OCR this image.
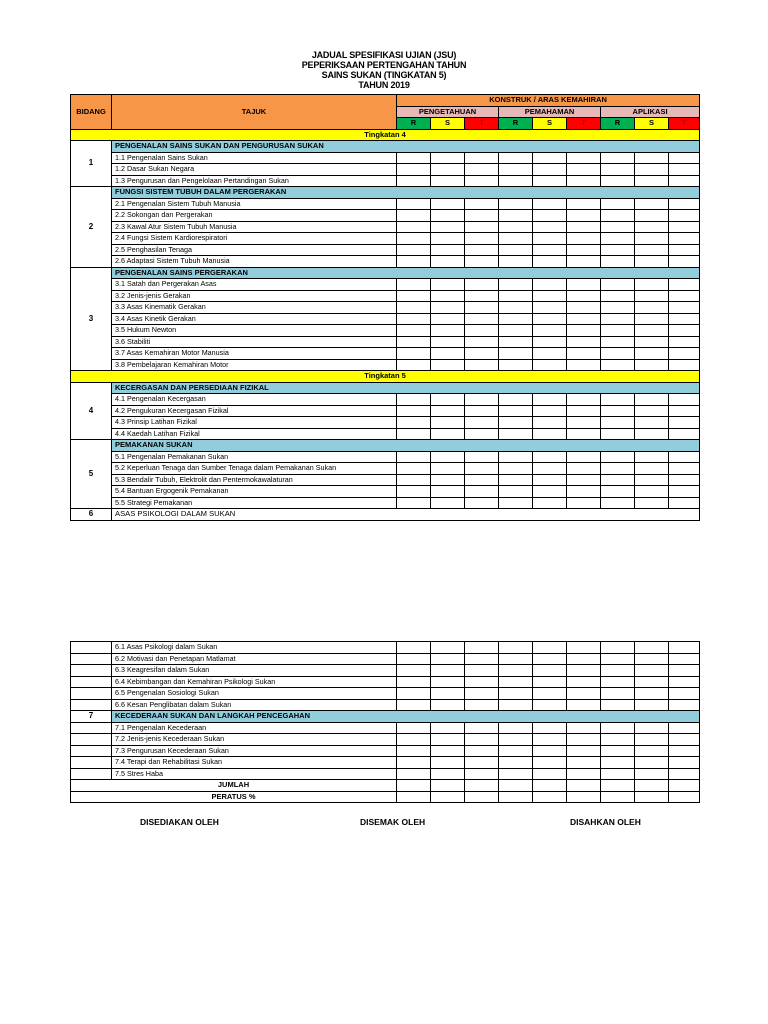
JADUAL SPESIFIKASI UJIAN (JSU)
PEPERIKSAAN PERTENGAHAN TAHUN
SAINS SUKAN (TINGKATAN 5)
TAHUN 2019
BIDANG	TAJUK	KONSTRUK / ARAS KEMAHIRAN								
		PENGETAHUAN			PEMAHAMAN			APLIKASI		
		R	S	T	R	S	T	R	S	T
Tingkatan 4										
1	PENGENALAN SAINS SUKAN DAN PENGURUSAN SUKAN									
	1.1 Pengenalan Sains Sukan									
	1.2 Dasar Sukan Negara									
	1.3 Pengurusan dan Pengelolaan Pertandingan Sukan									
2	FUNGSI SISTEM TUBUH DALAM PERGERAKAN									
	2.1 Pengenalan Sistem Tubuh Manusia									
	2.2 Sokongan dan Pergerakan									
	2.3 Kawal Atur Sistem Tubuh Manusia									
	2.4 Fungsi Sistem Kardiorespiratori									
	2.5 Penghasilan Tenaga									
	2.6 Adaptasi Sistem Tubuh Manusia									
3	PENGENALAN SAINS PERGERAKAN									
	3.1 Satah dan Pergerakan Asas									
	3.2 Jenis-jenis Gerakan									
	3.3 Asas Kinematik Gerakan									
	3.4 Asas Kinetik Gerakan									
	3.5 Hukum Newton									
	3.6 Stabiliti									
	3.7 Asas Kemahiran Motor Manusia									
	3.8 Pembelajaran Kemahiran Motor									
Tingkatan 5										
4	KECERGASAN DAN PERSEDIAAN FIZIKAL									
	4.1 Pengenalan Kecergasan									
	4.2 Pengukuran Kecergasan Fizikal									
	4.3 Prinsip Latihan Fizikal									
	4.4 Kaedah Latihan Fizikal									
5	PEMAKANAN SUKAN									
	5.1 Pengenalan Pemakanan Sukan									
	5.2 Keperluan Tenaga dan Sumber Tenaga dalam Pemakanan Sukan									
	5.3 Bendalir Tubuh, Elektrolit dan Pentermokawalaturan									
	5.4 Bantuan Ergogenik Pemakanan									
	5.5 Strategi Pemakanan									
6	ASAS PSIKOLOGI DALAM SUKAN									
	6.1 Asas Psikologi dalam Sukan									
	6.2 Motivasi dan Penetapan Matlamat									
	6.3 Keagresifan dalam Sukan									
	6.4 Kebimbangan dan Kemahiran Psikologi Sukan									
	6.5 Pengenalan Sosiologi Sukan									
	6.6 Kesan Penglibatan dalam Sukan									
7	KECEDERAAN SUKAN DAN LANGKAH PENCEGAHAN									
	7.1 Pengenalan Kecederaan									
	7.2 Jenis-jenis Kecederaan Sukan									
	7.3 Pengurusan Kecederaan Sukan									
	7.4 Terapi dan Rehabilitasi Sukan									
	7.5 Stres Haba									
JUMLAH										
PERATUS %										
DISEDIAKAN OLEH	DISEMAK OLEH	DISAHKAN OLEH
